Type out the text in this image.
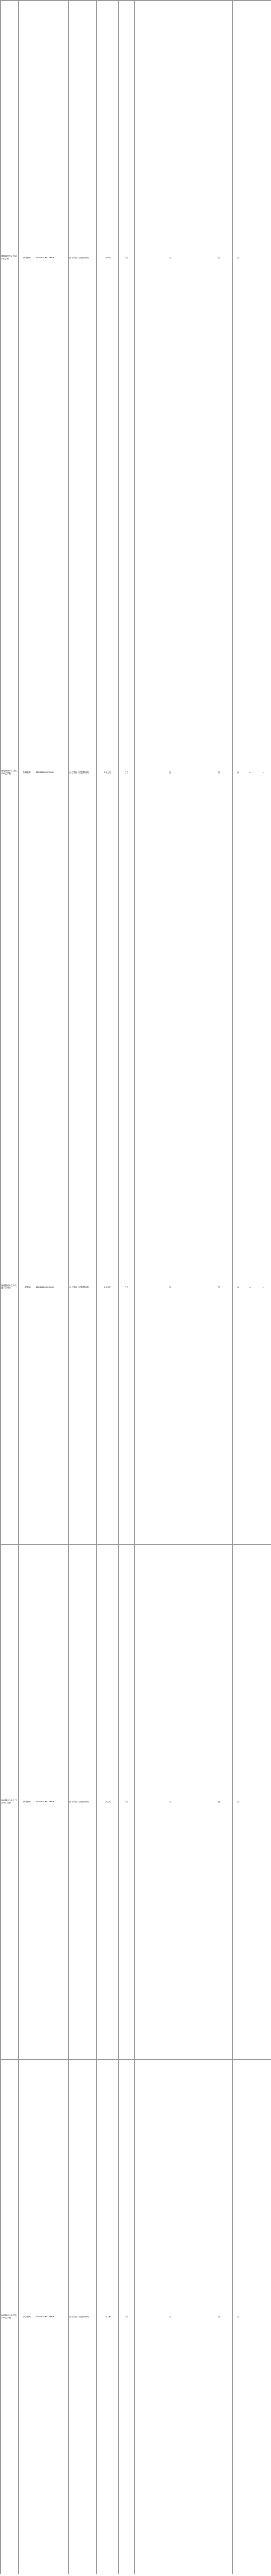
海南省白沙县东南中心学校	特岗教师	460422XXXXXXXX	白沙黎族自治县教育局	2年中专	白沙	否	否	否	—	—
海南省白沙县金波乡中心学校	特岗教师	460422XXXXXXXX	白沙黎族自治县教育局	2年大专	白沙	否	否	否	—	—
海南省白沙县牙叉镇中心学校	小学教师	460422XXXXXXXX	白沙黎族自治县教育局	2年本科	白沙	否	否	否	—	—
海南省白沙县元门乡中心学校	特岗教师	460422XXXXXXXX	白沙黎族自治县教育局	2年大专	白沙	否	是	否	—	—
海南省白沙县细水乡中心学校	小学教师	460422XXXXXXXX	白沙黎族自治县教育局	2年本科	白沙	否	否	否	—	—
